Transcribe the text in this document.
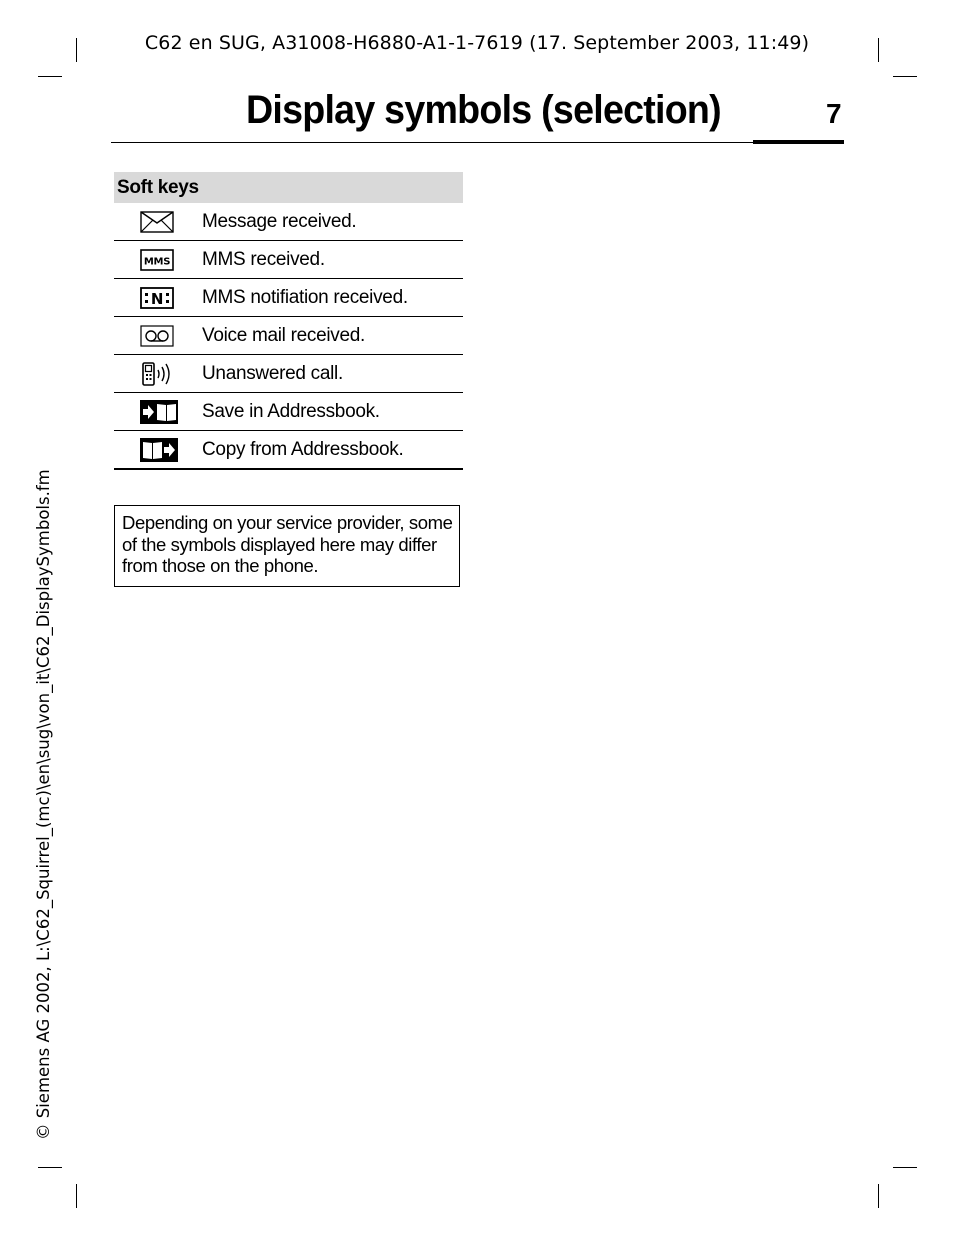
C62 en SUG, A31008-H6880-A1-1-7619 (17. September 2003, 11:49)
Display symbols (selection)	7
Soft keys	

	Message received.

MMS	MMS received.

N	MMS notifiation received.

	Voice mail received.

	Unanswered call.

	Save in Addressbook.

	Copy from Addressbook.
Depending on your service provider, some of the symbols displayed here may differ from those on the phone.
© Siemens AG 2002, L:\C62_Squirrel_(mc)\en\sug\von_it\C62_DisplaySymbols.fm
